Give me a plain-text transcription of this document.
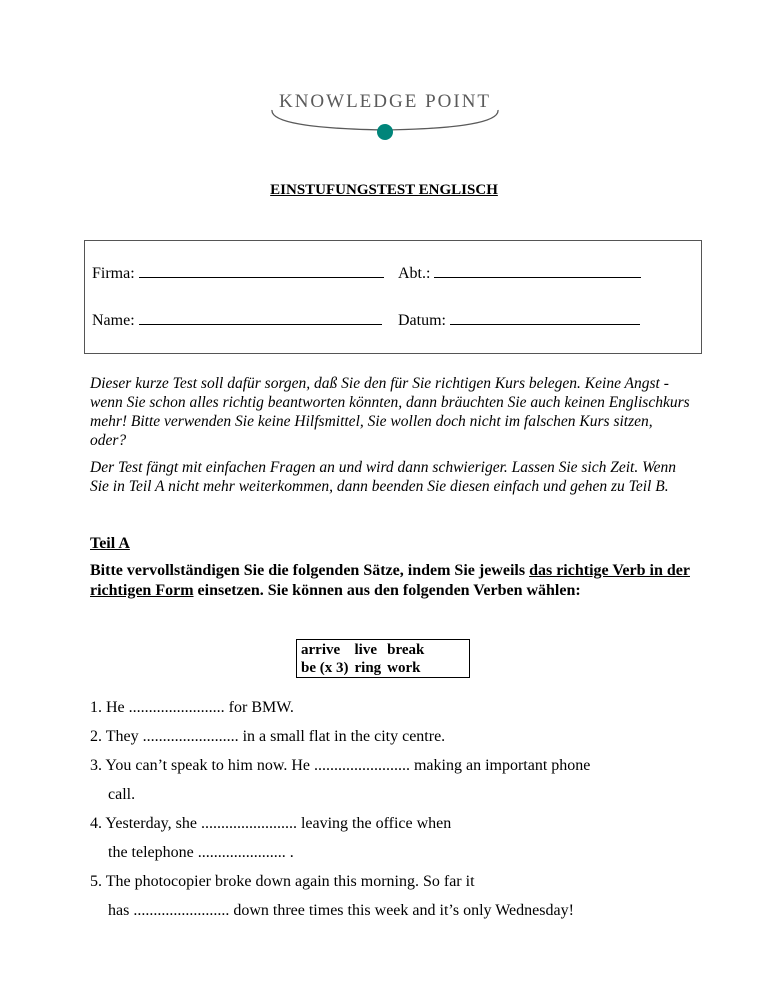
KNOWLEDGE POINT
EINSTUFUNGSTEST ENGLISCH
Firma:	Abt.:
Name:	Datum:
Dieser kurze Test soll dafür sorgen, daß Sie den für Sie richtigen Kurs belegen. Keine Angst - wenn Sie schon alles richtig beantworten könnten, dann bräuchten Sie auch keinen Englischkurs mehr! Bitte verwenden Sie keine Hilfsmittel, Sie wollen doch nicht im falschen Kurs sitzen, oder?
Der Test fängt mit einfachen Fragen an und wird dann schwieriger. Lassen Sie sich Zeit. Wenn Sie in Teil A nicht mehr weiterkommen, dann beenden Sie diesen einfach und gehen zu Teil B.
Teil A
Bitte vervollständigen Sie die folgenden Sätze, indem Sie jeweils das richtige Verb in der richtigen Form einsetzen. Sie können aus den folgenden Verben wählen:
arrive	live	break
be (x 3)	ring	work
1. He ........................ for BMW.
2. They ........................ in a small flat in the city centre.
3. You can’t speak to him now. He ........................ making an important phone
call.
4. Yesterday, she ........................ leaving the office when
the telephone ...................... .
5. The photocopier broke down again this morning. So far it
has ........................ down three times this week and it’s only Wednesday!
